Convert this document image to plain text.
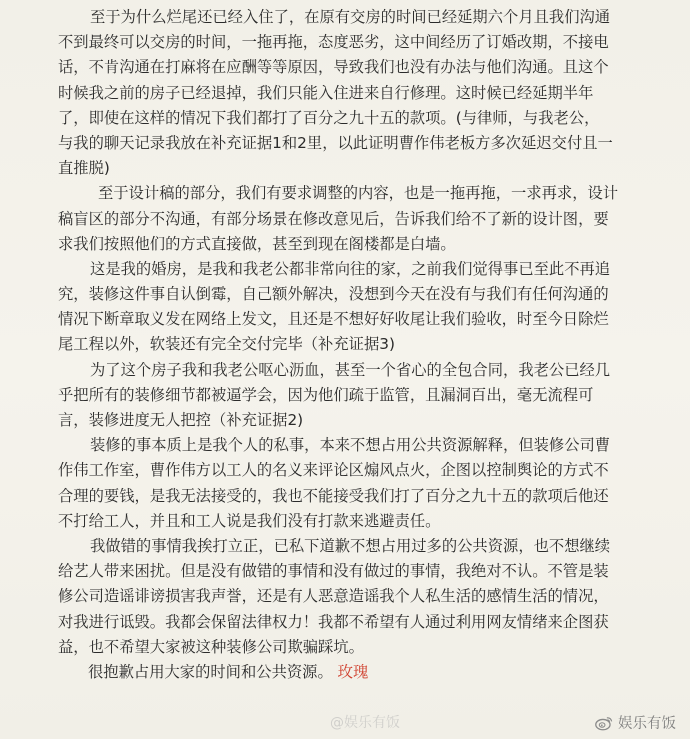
至于为什么烂尾还已经入住了，在原有交房的时间已经延期六个月且我们沟通
不到最终可以交房的时间，一拖再拖，态度恶劣，这中间经历了订婚改期，不接电
话，不肯沟通在打麻将在应酬等等原因，导致我们也没有办法与他们沟通。且这个
时候我之前的房子已经退掉，我们只能入住进来自行修理。这时候已经延期半年
了，即使在这样的情况下我们都打了百分之九十五的款项。(与律师，与我老公，
与我的聊天记录我放在补充证据1和2里，以此证明曹作伟老板方多次延迟交付且一
直推脱)

至于设计稿的部分，我们有要求调整的内容，也是一拖再拖，一求再求，设计
稿盲区的部分不沟通，有部分场景在修改意见后，告诉我们给不了新的设计图，要
求我们按照他们的方式直接做，甚至到现在阁楼都是白墙。

这是我的婚房，是我和我老公都非常向往的家，之前我们觉得事已至此不再追
究，装修这件事自认倒霉，自己额外解决，没想到今天在没有与我们有任何沟通的
情况下断章取义发在网络上发文，且还是不想好好收尾让我们验收，时至今日除烂
尾工程以外，软装还有完全交付完毕（补充证据3)

为了这个房子我和我老公呕心沥血，甚至一个省心的全包合同，我老公已经几
乎把所有的装修细节都被逼学会，因为他们疏于监管，且漏洞百出，毫无流程可
言，装修进度无人把控（补充证据2)

装修的事本质上是我个人的私事，本来不想占用公共资源解释，但装修公司曹
作伟工作室，曹作伟方以工人的名义来评论区煽风点火，企图以控制舆论的方式不
合理的要钱，是我无法接受的，我也不能接受我们打了百分之九十五的款项后他还
不打给工人，并且和工人说是我们没有打款来逃避责任。

我做错的事情我挨打立正，已私下道歉不想占用过多的公共资源，也不想继续
给艺人带来困扰。但是没有做错的事情和没有做过的事情，我绝对不认。不管是装
修公司造谣诽谤损害我声誉，还是有人恶意造谣我个人私生活的感情生活的情况，
对我进行诋毁。我都会保留法律权力！我都不希望有人通过利用网友情绪来企图获
益，也不希望大家被这种装修公司欺骗踩坑。

很抱歉占用大家的时间和公共资源。 玫瑰

@娱乐有饭	娱乐有饭
